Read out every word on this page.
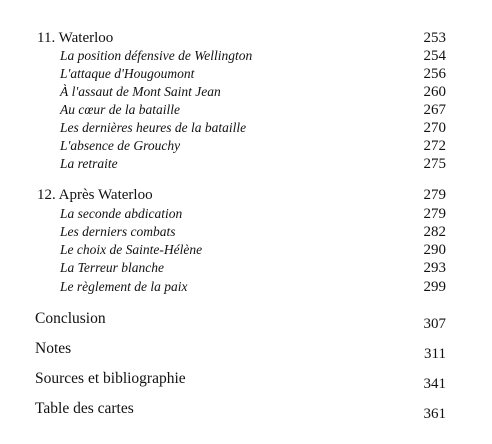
11. Waterloo	253
La position défensive de Wellington	254
L'attaque d'Hougoumont	256
À l'assaut de Mont Saint Jean	260
Au cœur de la bataille	267
Les dernières heures de la bataille	270
L'absence de Grouchy	272
La retraite	275
12. Après Waterloo	279
La seconde abdication	279
Les derniers combats	282
Le choix de Sainte-Hélène	290
La Terreur blanche	293
Le règlement de la paix	299
Conclusion	307
Notes	311
Sources et bibliographie	341
Table des cartes	361
